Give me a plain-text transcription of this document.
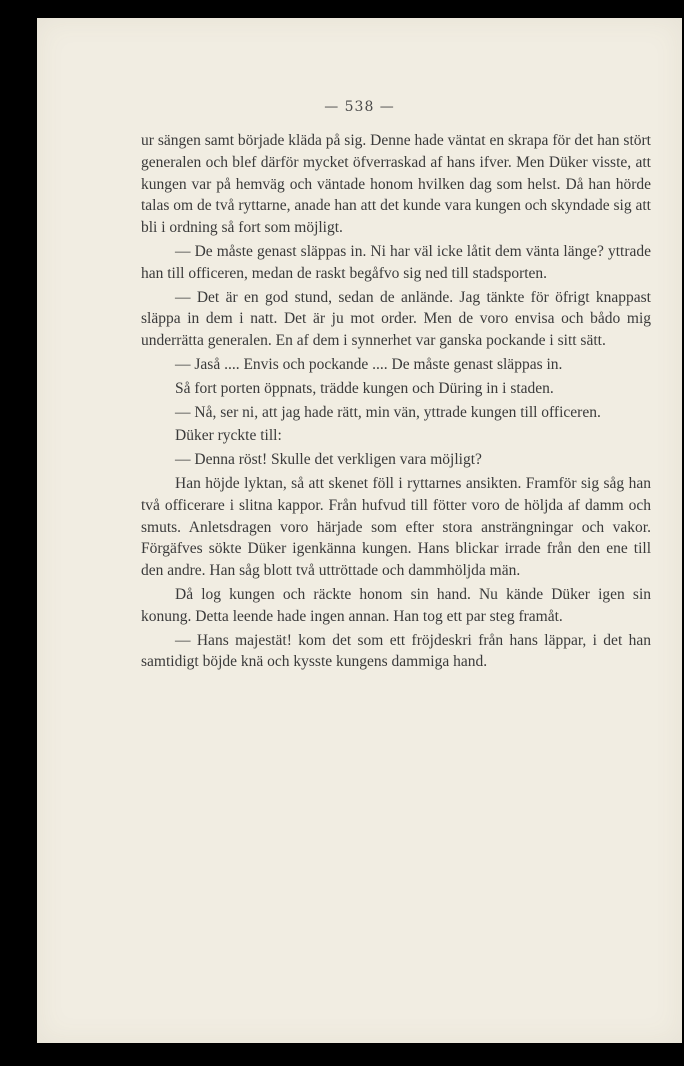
— 538 —

ur sängen samt började kläda på sig. Denne hade väntat en skrapa för det han stört generalen och blef därför mycket öfverraskad af hans ifver. Men Düker visste, att kungen var på hemväg och väntade honom hvilken dag som helst. Då han hörde talas om de två ryttarne, anade han att det kunde vara kungen och skyndade sig att bli i ordning så fort som möjligt.

— De måste genast släppas in. Ni har väl icke låtit dem vänta länge? yttrade han till officeren, medan de raskt begåfvo sig ned till stadsporten.

— Det är en god stund, sedan de anlände. Jag tänkte för öfrigt knappast släppa in dem i natt. Det är ju mot order. Men de voro envisa och bådo mig underrätta generalen. En af dem i synnerhet var ganska pockande i sitt sätt.

— Jaså .... Envis och pockande .... De måste genast släppas in.

Så fort porten öppnats, trädde kungen och Düring in i staden.

— Nå, ser ni, att jag hade rätt, min vän, yttrade kungen till officeren.

Düker ryckte till:

— Denna röst! Skulle det verkligen vara möjligt?

Han höjde lyktan, så att skenet föll i ryttarnes ansikten. Framför sig såg han två officerare i slitna kappor. Från hufvud till fötter voro de höljda af damm och smuts. Anletsdragen voro härjade som efter stora ansträngningar och vakor. Förgäfves sökte Düker igenkänna kungen. Hans blickar irrade från den ene till den andre. Han såg blott två uttröttade och dammhöljda män.

Då log kungen och räckte honom sin hand. Nu kände Düker igen sin konung. Detta leende hade ingen annan. Han tog ett par steg framåt.

— Hans majestät! kom det som ett fröjdeskri från hans läppar, i det han samtidigt böjde knä och kysste kungens dammiga hand.
